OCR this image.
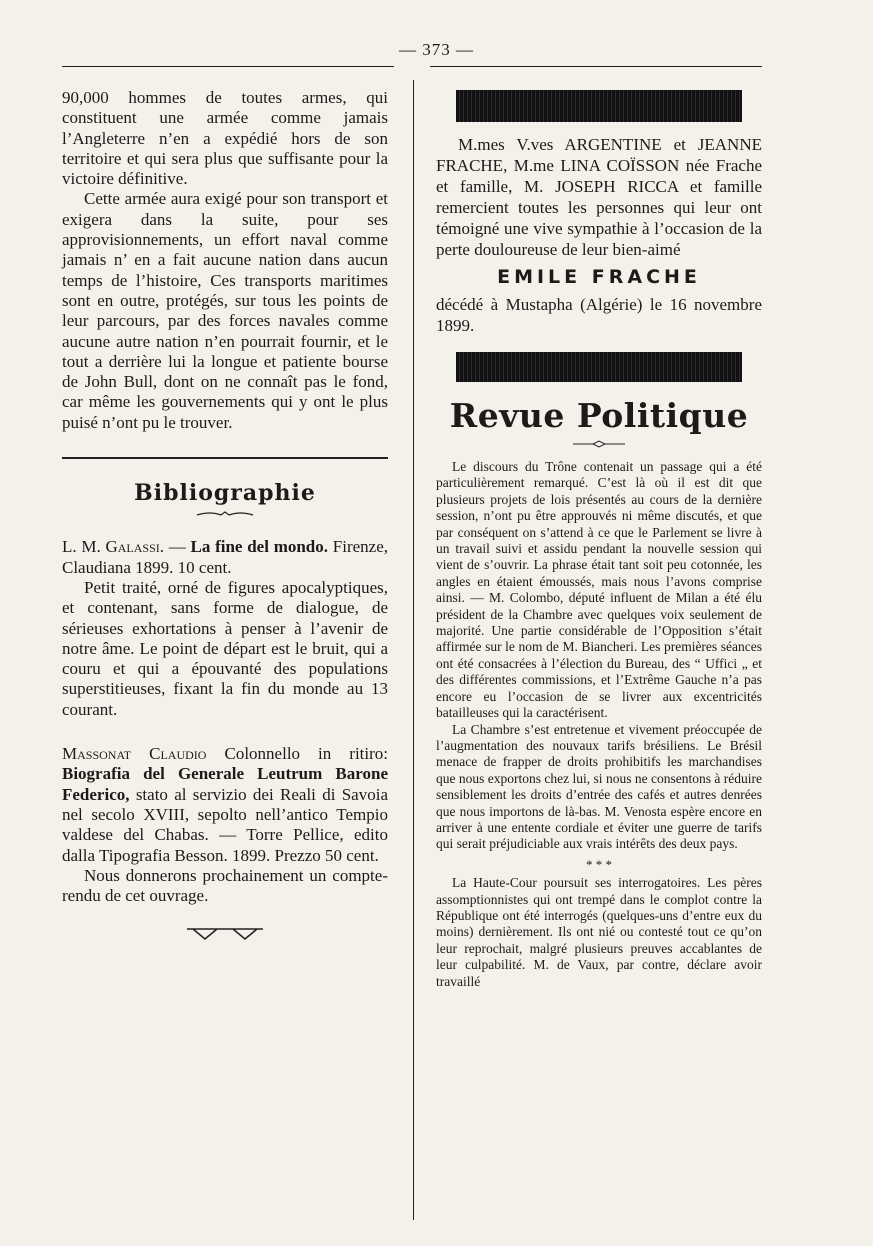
— 373 —

90,000 hommes de toutes armes, qui constituent une armée comme jamais l’Angleterre n’en a expédié hors de son territoire et qui sera plus que suffisante pour la victoire définitive.

Cette armée aura exigé pour son transport et exigera dans la suite, pour ses approvisionnements, un effort naval comme jamais n’ en a fait aucune nation dans aucun temps de l’histoire, Ces transports maritimes sont en outre, protégés, sur tous les points de leur parcours, par des forces navales comme aucune autre nation n’en pourrait fournir, et le tout a derrière lui la longue et patiente bourse de John Bull, dont on ne connaît pas le fond, car même les gouvernements qui y ont le plus puisé n’ont pu le trouver.

Bibliographie

L. M. Galassi. — La fine del mondo. Firenze, Claudiana 1899. 10 cent.

Petit traité, orné de figures apocalyptiques, et contenant, sans forme de dialogue, de sérieuses exhortations à penser à l’avenir de notre âme. Le point de départ est le bruit, qui a couru et qui a épouvanté des populations superstitieuses, fixant la fin du monde au 13 courant.

Massonat Claudio Colonnello in ritiro: Biografia del Generale Leutrum Barone Federico, stato al servizio dei Reali di Savoia nel secolo XVIII, sepolto nell’antico Tempio valdese del Chabas. — Torre Pellice, edito dalla Tipografia Besson. 1899. Prezzo 50 cent.

Nous donnerons prochainement un compte-rendu de cet ouvrage.

M.mes V.ves ARGENTINE et JEANNE FRACHE, M.me LINA COÏSSON née Frache et famille, M. JOSEPH RICCA et famille remercient toutes les personnes qui leur ont témoigné une vive sympathie à l’occasion de la perte douloureuse de leur bien-aimé

EMILE FRACHE

décédé à Mustapha (Algérie) le 16 novembre 1899.

Revue Politique

Le discours du Trône contenait un passage qui a été particulièrement remarqué. C’est là où il est dit que plusieurs projets de lois présentés au cours de la dernière session, n’ont pu être approuvés ni même discutés, et que par conséquent on s’attend à ce que le Parlement se livre à un travail suivi et assidu pendant la nouvelle session qui vient de s’ouvrir. La phrase était tant soit peu cotonnée, les angles en étaient émoussés, mais nous l’avons comprise ainsi. — M. Colombo, député influent de Milan a été élu président de la Chambre avec quelques voix seulement de majorité. Une partie considérable de l’Opposition s’était affirmée sur le nom de M. Biancheri. Les premières séances ont été consacrées à l’élection du Bureau, des “ Uffici „ et des différentes commissions, et l’Extrême Gauche n’a pas encore eu l’occasion de se livrer aux excentricités batailleuses qui la caractérisent.

La Chambre s’est entretenue et vivement préoccupée de l’augmentation des nouvaux tarifs brésiliens. Le Brésil menace de frapper de droits prohibitifs les marchandises que nous exportons chez lui, si nous ne consentons à réduire sensiblement les droits d’entrée des cafés et autres denrées que nous importons de là-bas. M. Venosta espère encore en arriver à une entente cordiale et éviter une guerre de tarifs qui serait préjudiciable aux vrais intérêts des deux pays.

* * *

La Haute-Cour poursuit ses interrogatoires. Les pères assomptionnistes qui ont trempé dans le complot contre la République ont été interrogés (quelques-uns d’entre eux du moins) dernièrement. Ils ont nié ou contesté tout ce qu’on leur reprochait, malgré plusieurs preuves accablantes de leur culpabilité. M. de Vaux, par contre, déclare avoir travaillé
